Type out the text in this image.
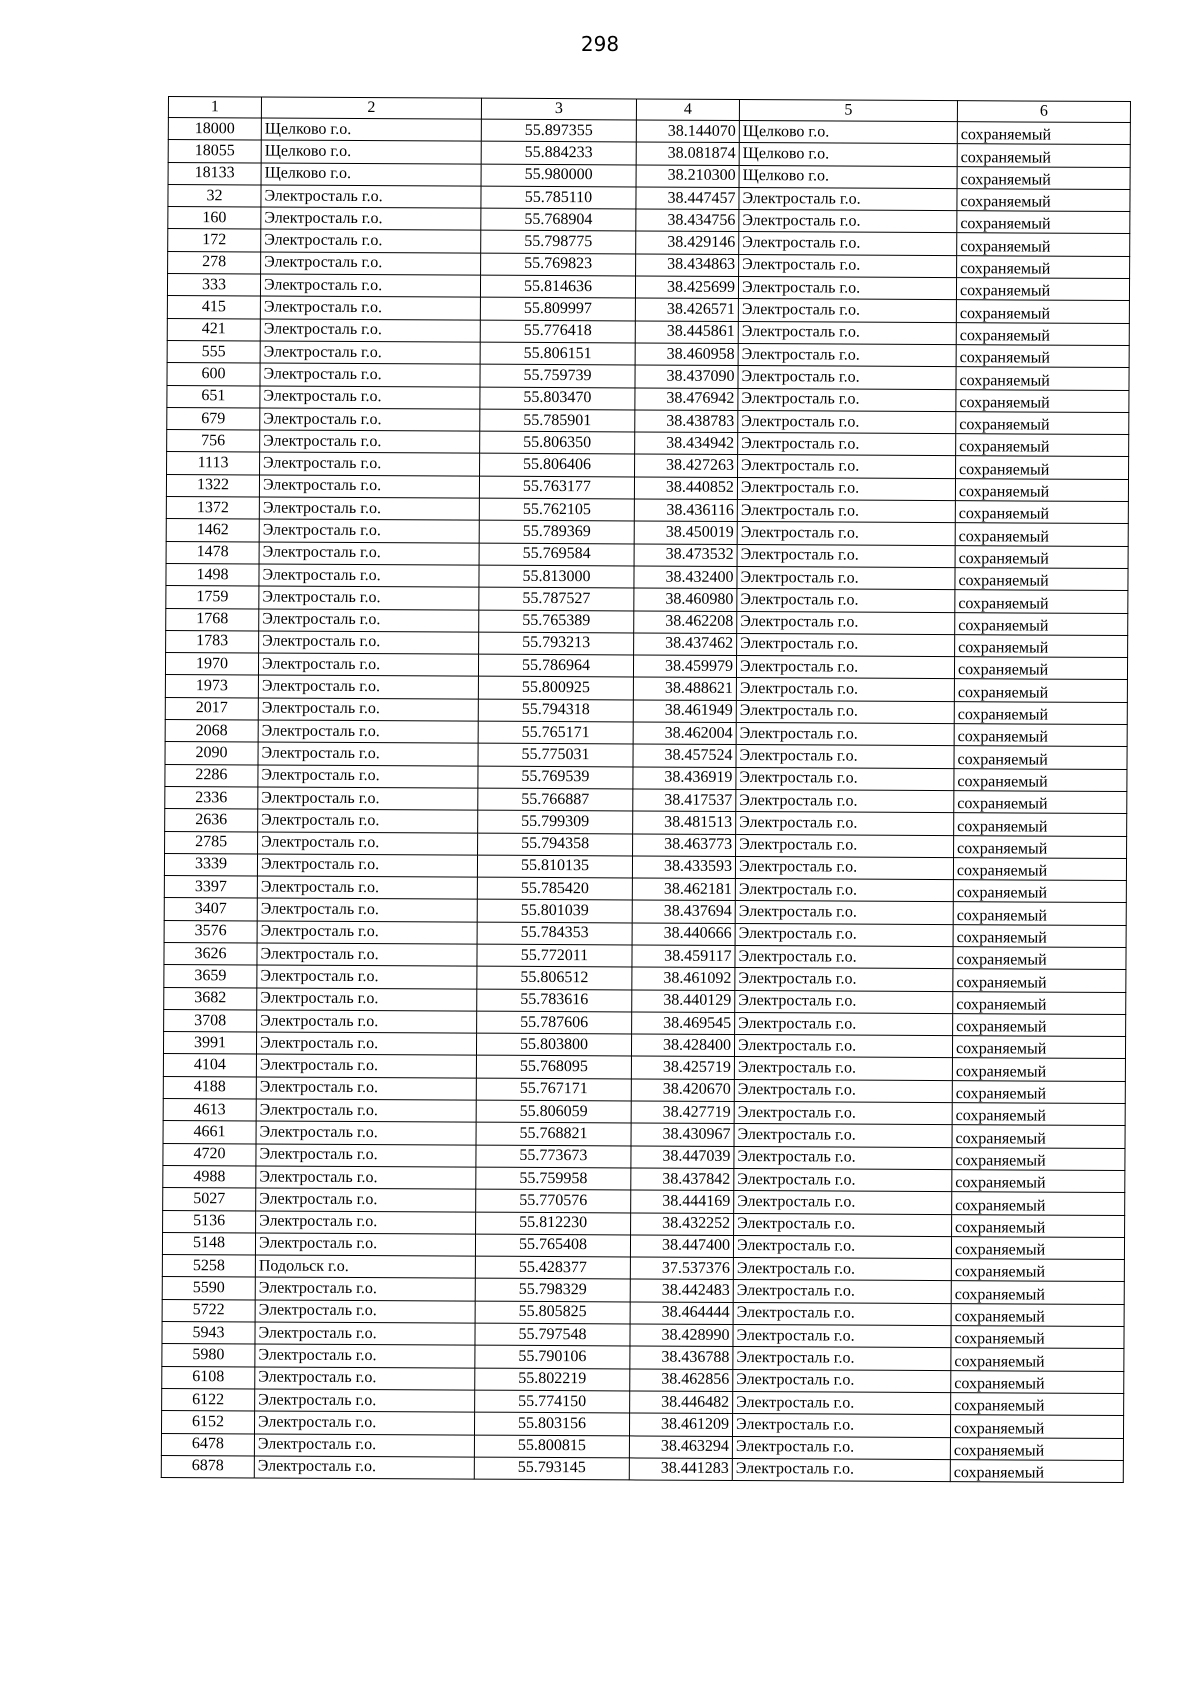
298
1	2	3	4	5	6
18000	Щелково г.о.	55.897355	38.144070	Щелково г.о.	сохраняемый
18055	Щелково г.о.	55.884233	38.081874	Щелково г.о.	сохраняемый
18133	Щелково г.о.	55.980000	38.210300	Щелково г.о.	сохраняемый
32	Электросталь г.о.	55.785110	38.447457	Электросталь г.о.	сохраняемый
160	Электросталь г.о.	55.768904	38.434756	Электросталь г.о.	сохраняемый
172	Электросталь г.о.	55.798775	38.429146	Электросталь г.о.	сохраняемый
278	Электросталь г.о.	55.769823	38.434863	Электросталь г.о.	сохраняемый
333	Электросталь г.о.	55.814636	38.425699	Электросталь г.о.	сохраняемый
415	Электросталь г.о.	55.809997	38.426571	Электросталь г.о.	сохраняемый
421	Электросталь г.о.	55.776418	38.445861	Электросталь г.о.	сохраняемый
555	Электросталь г.о.	55.806151	38.460958	Электросталь г.о.	сохраняемый
600	Электросталь г.о.	55.759739	38.437090	Электросталь г.о.	сохраняемый
651	Электросталь г.о.	55.803470	38.476942	Электросталь г.о.	сохраняемый
679	Электросталь г.о.	55.785901	38.438783	Электросталь г.о.	сохраняемый
756	Электросталь г.о.	55.806350	38.434942	Электросталь г.о.	сохраняемый
1113	Электросталь г.о.	55.806406	38.427263	Электросталь г.о.	сохраняемый
1322	Электросталь г.о.	55.763177	38.440852	Электросталь г.о.	сохраняемый
1372	Электросталь г.о.	55.762105	38.436116	Электросталь г.о.	сохраняемый
1462	Электросталь г.о.	55.789369	38.450019	Электросталь г.о.	сохраняемый
1478	Электросталь г.о.	55.769584	38.473532	Электросталь г.о.	сохраняемый
1498	Электросталь г.о.	55.813000	38.432400	Электросталь г.о.	сохраняемый
1759	Электросталь г.о.	55.787527	38.460980	Электросталь г.о.	сохраняемый
1768	Электросталь г.о.	55.765389	38.462208	Электросталь г.о.	сохраняемый
1783	Электросталь г.о.	55.793213	38.437462	Электросталь г.о.	сохраняемый
1970	Электросталь г.о.	55.786964	38.459979	Электросталь г.о.	сохраняемый
1973	Электросталь г.о.	55.800925	38.488621	Электросталь г.о.	сохраняемый
2017	Электросталь г.о.	55.794318	38.461949	Электросталь г.о.	сохраняемый
2068	Электросталь г.о.	55.765171	38.462004	Электросталь г.о.	сохраняемый
2090	Электросталь г.о.	55.775031	38.457524	Электросталь г.о.	сохраняемый
2286	Электросталь г.о.	55.769539	38.436919	Электросталь г.о.	сохраняемый
2336	Электросталь г.о.	55.766887	38.417537	Электросталь г.о.	сохраняемый
2636	Электросталь г.о.	55.799309	38.481513	Электросталь г.о.	сохраняемый
2785	Электросталь г.о.	55.794358	38.463773	Электросталь г.о.	сохраняемый
3339	Электросталь г.о.	55.810135	38.433593	Электросталь г.о.	сохраняемый
3397	Электросталь г.о.	55.785420	38.462181	Электросталь г.о.	сохраняемый
3407	Электросталь г.о.	55.801039	38.437694	Электросталь г.о.	сохраняемый
3576	Электросталь г.о.	55.784353	38.440666	Электросталь г.о.	сохраняемый
3626	Электросталь г.о.	55.772011	38.459117	Электросталь г.о.	сохраняемый
3659	Электросталь г.о.	55.806512	38.461092	Электросталь г.о.	сохраняемый
3682	Электросталь г.о.	55.783616	38.440129	Электросталь г.о.	сохраняемый
3708	Электросталь г.о.	55.787606	38.469545	Электросталь г.о.	сохраняемый
3991	Электросталь г.о.	55.803800	38.428400	Электросталь г.о.	сохраняемый
4104	Электросталь г.о.	55.768095	38.425719	Электросталь г.о.	сохраняемый
4188	Электросталь г.о.	55.767171	38.420670	Электросталь г.о.	сохраняемый
4613	Электросталь г.о.	55.806059	38.427719	Электросталь г.о.	сохраняемый
4661	Электросталь г.о.	55.768821	38.430967	Электросталь г.о.	сохраняемый
4720	Электросталь г.о.	55.773673	38.447039	Электросталь г.о.	сохраняемый
4988	Электросталь г.о.	55.759958	38.437842	Электросталь г.о.	сохраняемый
5027	Электросталь г.о.	55.770576	38.444169	Электросталь г.о.	сохраняемый
5136	Электросталь г.о.	55.812230	38.432252	Электросталь г.о.	сохраняемый
5148	Электросталь г.о.	55.765408	38.447400	Электросталь г.о.	сохраняемый
5258	Подольск г.о.	55.428377	37.537376	Электросталь г.о.	сохраняемый
5590	Электросталь г.о.	55.798329	38.442483	Электросталь г.о.	сохраняемый
5722	Электросталь г.о.	55.805825	38.464444	Электросталь г.о.	сохраняемый
5943	Электросталь г.о.	55.797548	38.428990	Электросталь г.о.	сохраняемый
5980	Электросталь г.о.	55.790106	38.436788	Электросталь г.о.	сохраняемый
6108	Электросталь г.о.	55.802219	38.462856	Электросталь г.о.	сохраняемый
6122	Электросталь г.о.	55.774150	38.446482	Электросталь г.о.	сохраняемый
6152	Электросталь г.о.	55.803156	38.461209	Электросталь г.о.	сохраняемый
6478	Электросталь г.о.	55.800815	38.463294	Электросталь г.о.	сохраняемый
6878	Электросталь г.о.	55.793145	38.441283	Электросталь г.о.	сохраняемый
